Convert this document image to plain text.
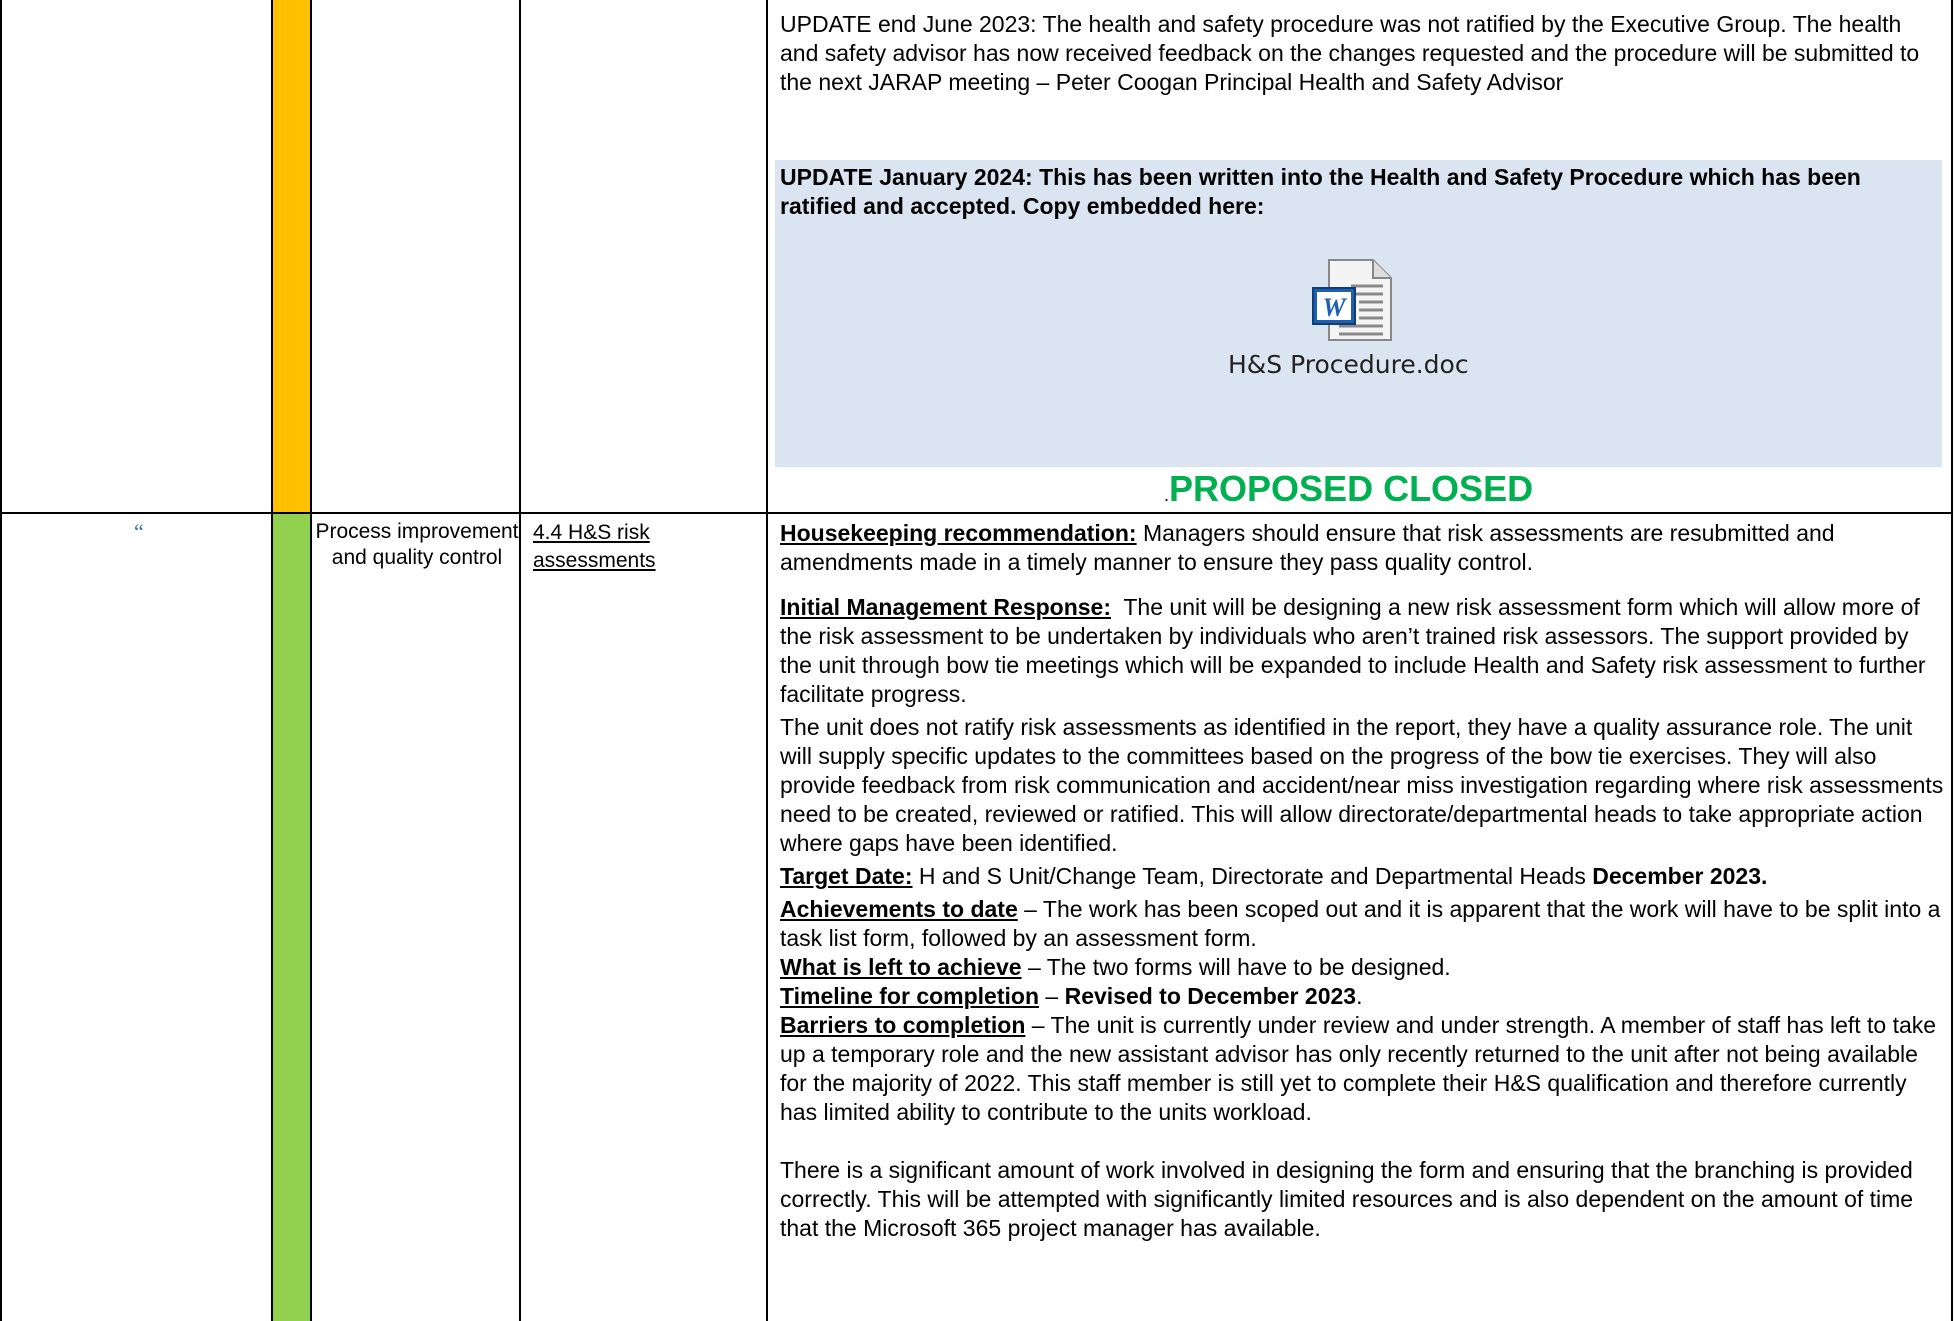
UPDATE end June 2023: The health and safety procedure was not ratified by the Executive Group. The health and safety advisor has now received feedback on the changes requested and the procedure will be submitted to the next JARAP meeting – Peter Coogan Principal Health and Safety Advisor

UPDATE January 2024: This has been written into the Health and Safety Procedure which has been ratified and accepted. Copy embedded here:

W
H&S Procedure.doc
.PROPOSED CLOSED
“	Process improvement and quality control
4.4 H&S risk assessments

Housekeeping recommendation: Managers should ensure that risk assessments are resubmitted and amendments made in a timely manner to ensure they pass quality control.

Initial Management Response:  The unit will be designing a new risk assessment form which will allow more of the risk assessment to be undertaken by individuals who aren’t trained risk assessors. The support provided by the unit through bow tie meetings which will be expanded to include Health and Safety risk assessment to further facilitate progress.

The unit does not ratify risk assessments as identified in the report, they have a quality assurance role. The unit will supply specific updates to the committees based on the progress of the bow tie exercises. They will also provide feedback from risk communication and accident/near miss investigation regarding where risk assessments need to be created, reviewed or ratified. This will allow directorate/departmental heads to take appropriate action where gaps have been identified.

Target Date: H and S Unit/Change Team, Directorate and Departmental Heads December 2023.

Achievements to date – The work has been scoped out and it is apparent that the work will have to be split into a task list form, followed by an assessment form.

What is left to achieve – The two forms will have to be designed.

Timeline for completion – Revised to December 2023.

Barriers to completion – The unit is currently under review and under strength. A member of staff has left to take up a temporary role and the new assistant advisor has only recently returned to the unit after not being available for the majority of 2022. This staff member is still yet to complete their H&S qualification and therefore currently has limited ability to contribute to the units workload.

There is a significant amount of work involved in designing the form and ensuring that the branching is provided correctly. This will be attempted with significantly limited resources and is also dependent on the amount of time that the Microsoft 365 project manager has available.
